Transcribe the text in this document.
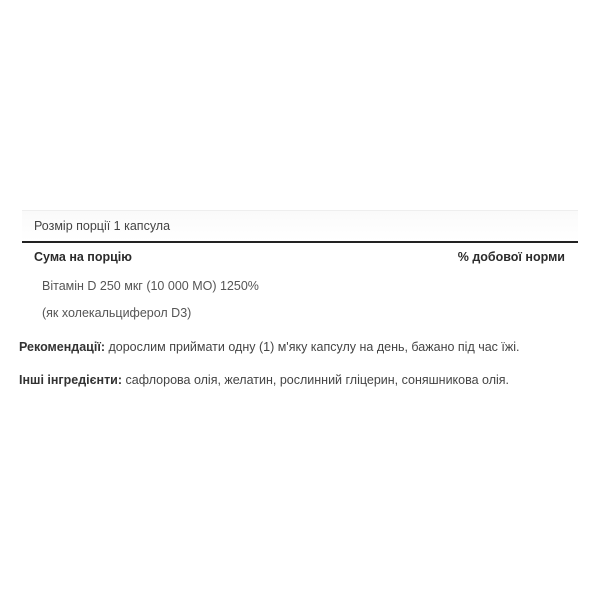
Розмір порції 1 капсула
Сума на порцію	% добової норми
Вітамін D 250 мкг (10 000 МО) 1250%
(як холекальциферол D3)
Рекомендації: дорослим приймати одну (1) м'яку капсулу на день, бажано під час їжі.
Інші інгредієнти: сафлорова олія, желатин, рослинний гліцерин, соняшникова олія.
